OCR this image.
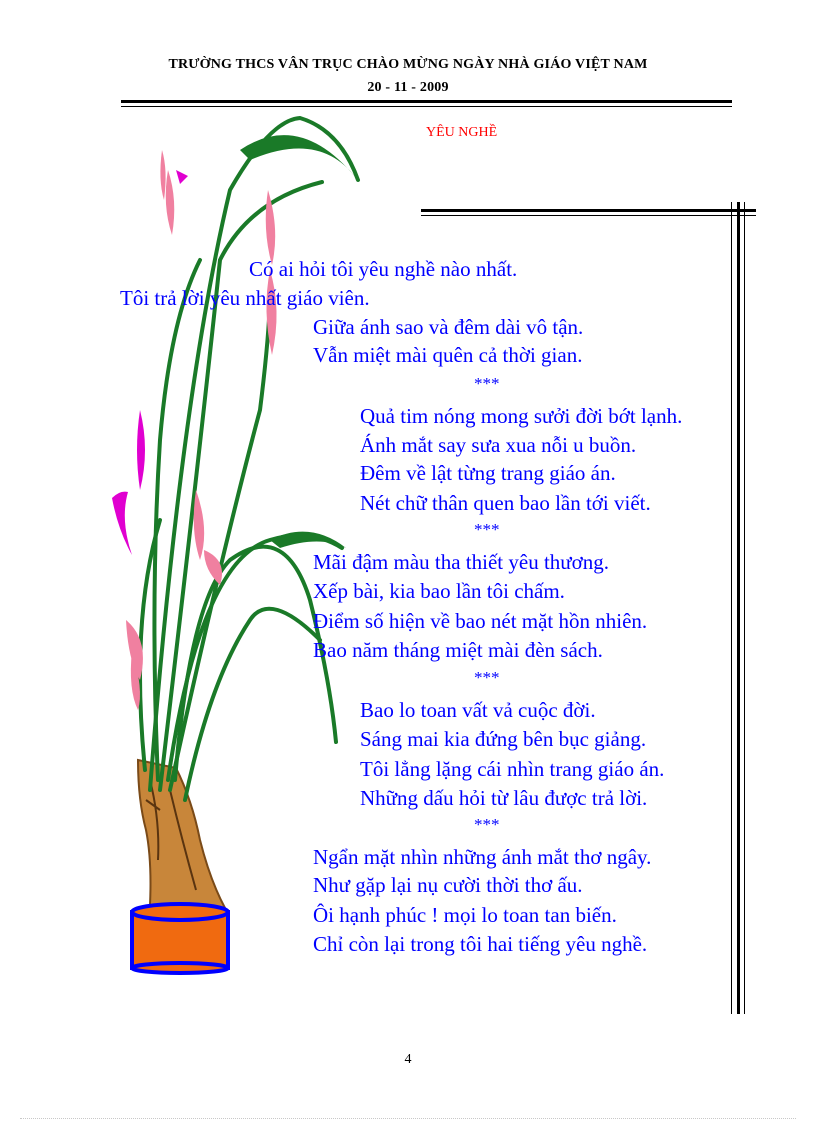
TRƯỜNG THCS VÂN TRỤC CHÀO MỪNG NGÀY NHÀ GIÁO VIỆT NAM
20 - 11 - 2009
YÊU NGHỀ
Có ai hỏi tôi yêu nghề nào nhất.
Tôi trả lời yêu nhất giáo viên.
Giữa ánh sao và đêm dài vô tận.
Vẫn miệt mài quên cả thời gian.
***
Quả tim nóng mong sưởi đời bớt lạnh.
Ánh mắt say sưa xua nỗi u buồn.
Đêm về lật từng trang giáo án.
Nét chữ thân quen bao lần tới viết.
***
Mãi đậm màu tha thiết yêu thương.
Xếp bài, kia bao lần tôi chấm.
Điểm số hiện về bao nét mặt hồn nhiên.
Bao năm tháng miệt mài đèn sách.
***
Bao lo toan vất vả cuộc đời.
Sáng mai kia đứng bên bục giảng.
Tôi lẳng lặng cái nhìn trang giáo án.
Những dấu hỏi từ lâu được trả lời.
***
Ngẩn mặt nhìn những ánh mắt thơ ngây.
Như gặp lại nụ cười thời thơ ấu.
Ôi hạnh phúc ! mọi lo toan tan biến.
Chỉ còn lại trong tôi hai tiếng yêu nghề.
4
